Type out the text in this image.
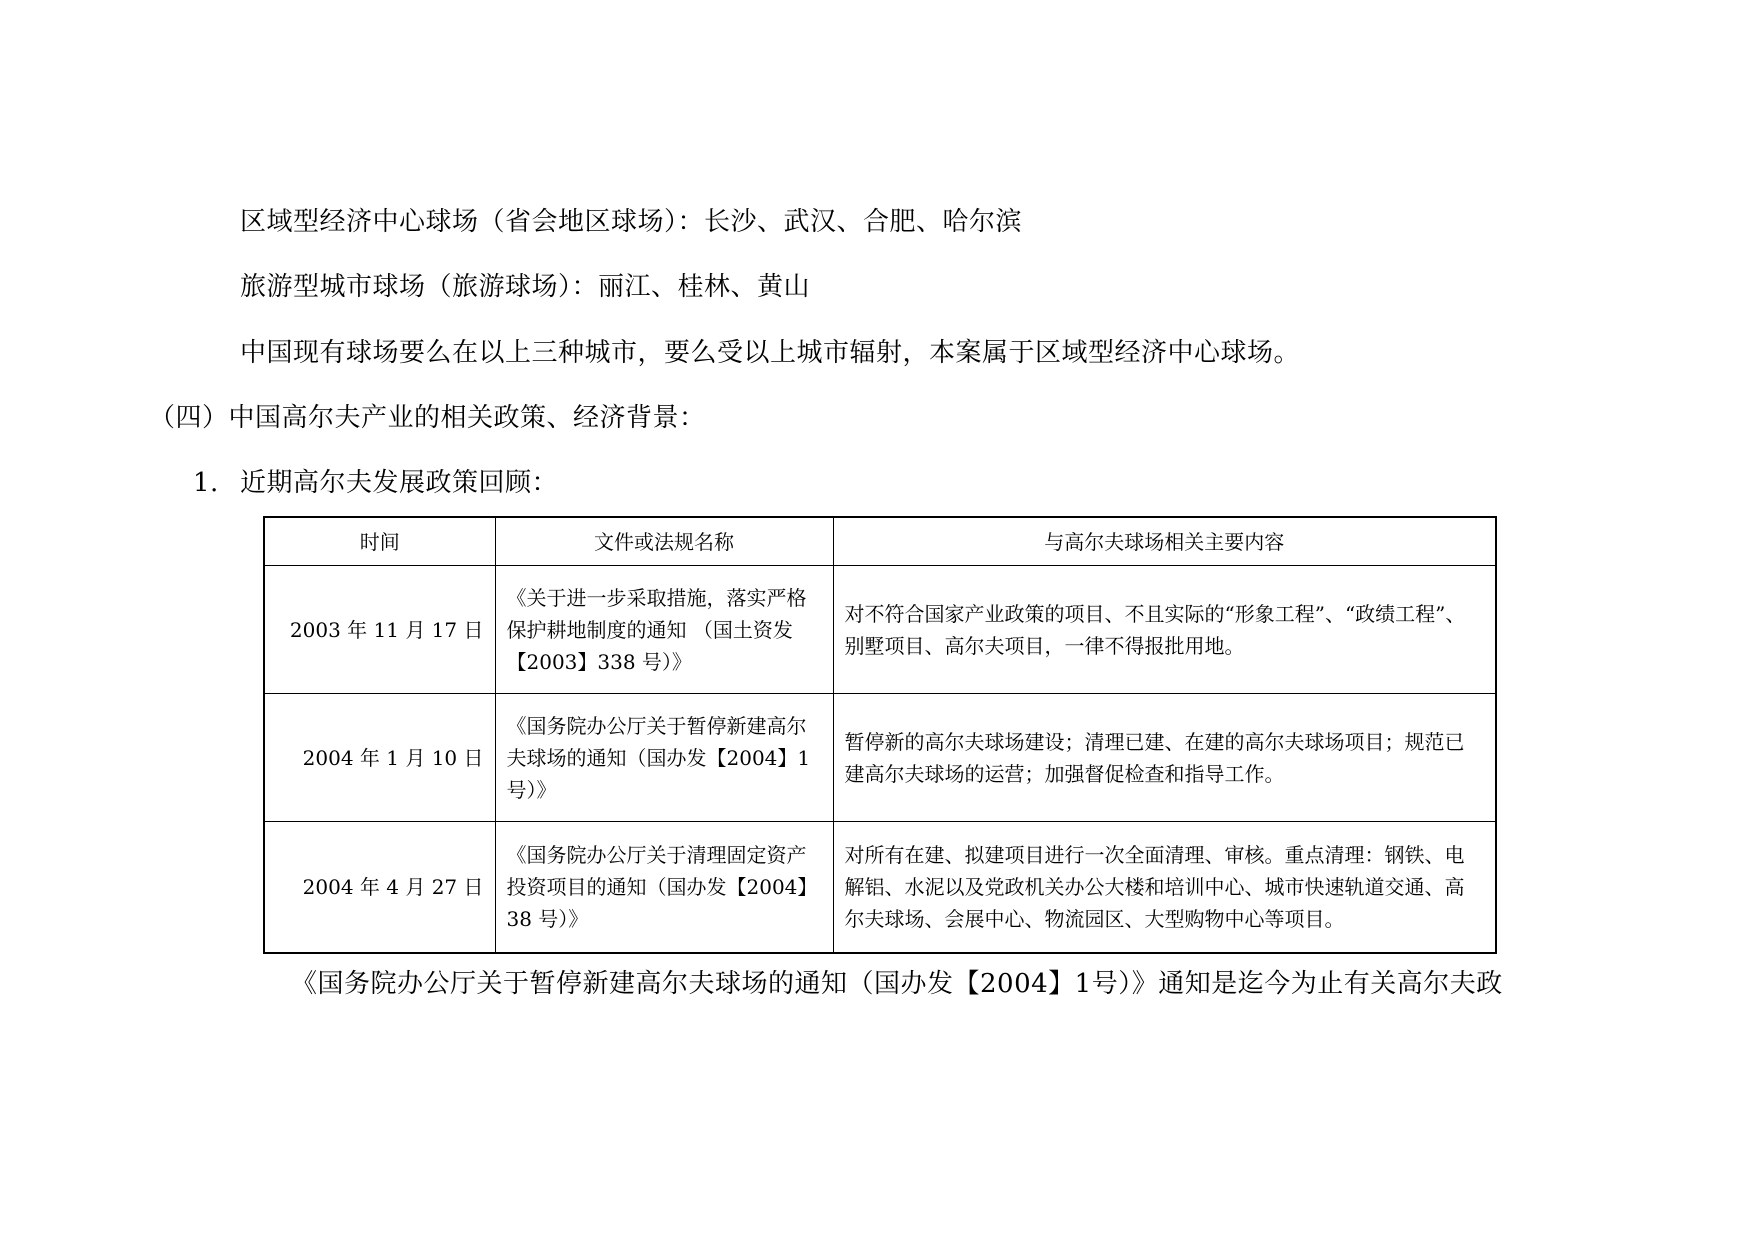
区域型经济中心球场（省会地区球场）：长沙、武汉、合肥、哈尔滨
旅游型城市球场（旅游球场）：丽江、桂林、黄山
中国现有球场要么在以上三种城市，要么受以上城市辐射，本案属于区域型经济中心球场。
（四）中国高尔夫产业的相关政策、经济背景：
1. 近期高尔夫发展政策回顾：
时间	文件或法规名称	与高尔夫球场相关主要内容
2003 年 11 月 17 日	《关于进一步采取措施，落实严格保护耕地制度的通知 （国土资发【2003】338 号）》	对不符合国家产业政策的项目、不且实际的“形象工程”、“政绩工程”、别墅项目、高尔夫项目，一律不得报批用地。
2004 年 1 月 10 日	《国务院办公厅关于暂停新建高尔夫球场的通知（国办发【2004】1 号）》	暂停新的高尔夫球场建设；清理已建、在建的高尔夫球场项目；规范已建高尔夫球场的运营；加强督促检查和指导工作。
2004 年 4 月 27 日	《国务院办公厅关于清理固定资产投资项目的通知（国办发【2004】38 号）》	对所有在建、拟建项目进行一次全面清理、审核。重点清理：钢铁、电解铝、水泥以及党政机关办公大楼和培训中心、城市快速轨道交通、高尔夫球场、会展中心、物流园区、大型购物中心等项目。
《国务院办公厅关于暂停新建高尔夫球场的通知（国办发【2004】1号）》通知是迄今为止有关高尔夫政
